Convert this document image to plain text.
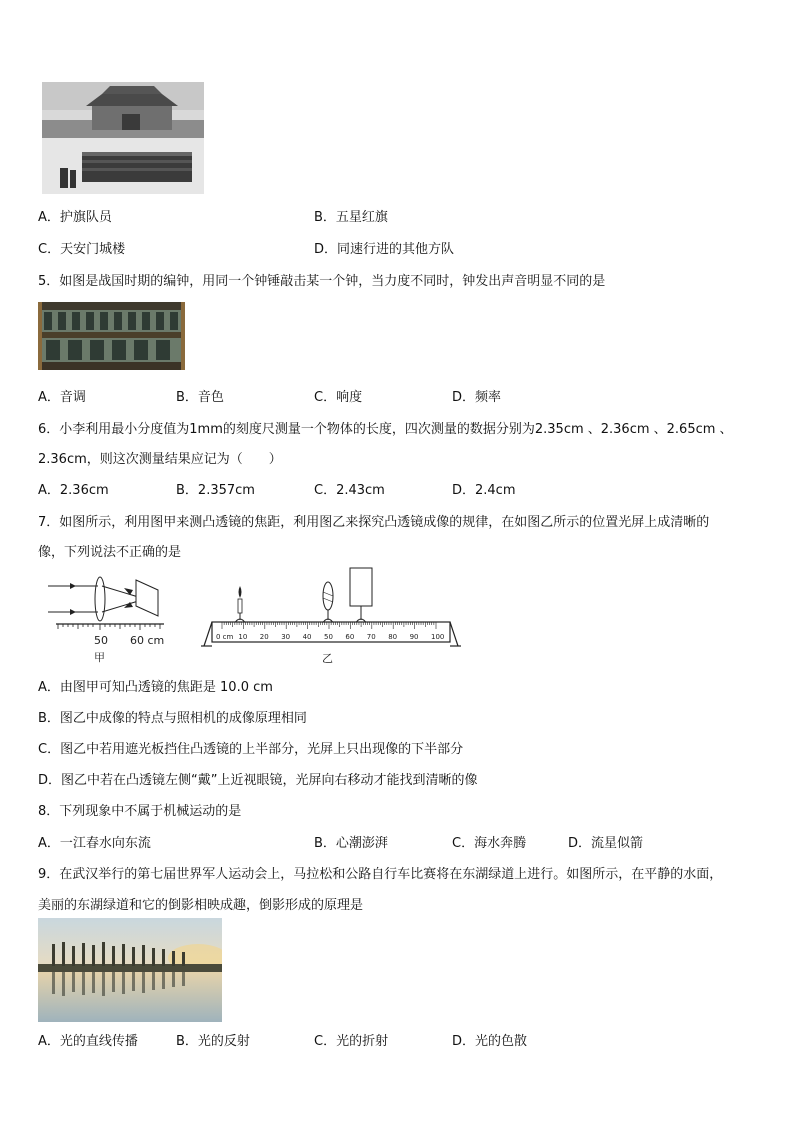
A．护旗队员	B．五星红旗
C．天安门城楼	D．同速行进的其他方队
5．如图是战国时期的编钟，用同一个钟锤敲击某一个钟，当力度不同时，钟发出声音明显不同的是
A．音调	B．音色	C．响度	D．频率
6．小李利用最小分度值为1mm的刻度尺测量一个物体的长度，四次测量的数据分别为2.35cm 、2.36cm 、2.65cm 、
2.36cm，则这次测量结果应记为（　　）
A．2.36cm	B．2.357cm	C．2.43cm	D．2.4cm
7．如图所示，利用图甲来测凸透镜的焦距，利用图乙来探究凸透镜成像的规律，在如图乙所示的位置光屏上成清晰的
像，下列说法不正确的是
50 60 cm
甲
0 cm 10 20 30 40 50 60 70 80 90 100
乙
A．由图甲可知凸透镜的焦距是 10.0 cm
B．图乙中成像的特点与照相机的成像原理相同
C．图乙中若用遮光板挡住凸透镜的上半部分，光屏上只出现像的下半部分
D．图乙中若在凸透镜左侧“戴”上近视眼镜，光屏向右移动才能找到清晰的像
8．下列现象中不属于机械运动的是
A．一江春水向东流	B．心潮澎湃	C．海水奔腾	D．流星似箭
9．在武汉举行的第七届世界军人运动会上，马拉松和公路自行车比赛将在东湖绿道上进行。如图所示，在平静的水面，
美丽的东湖绿道和它的倒影相映成趣，倒影形成的原理是
A．光的直线传播	B．光的反射	C．光的折射	D．光的色散
